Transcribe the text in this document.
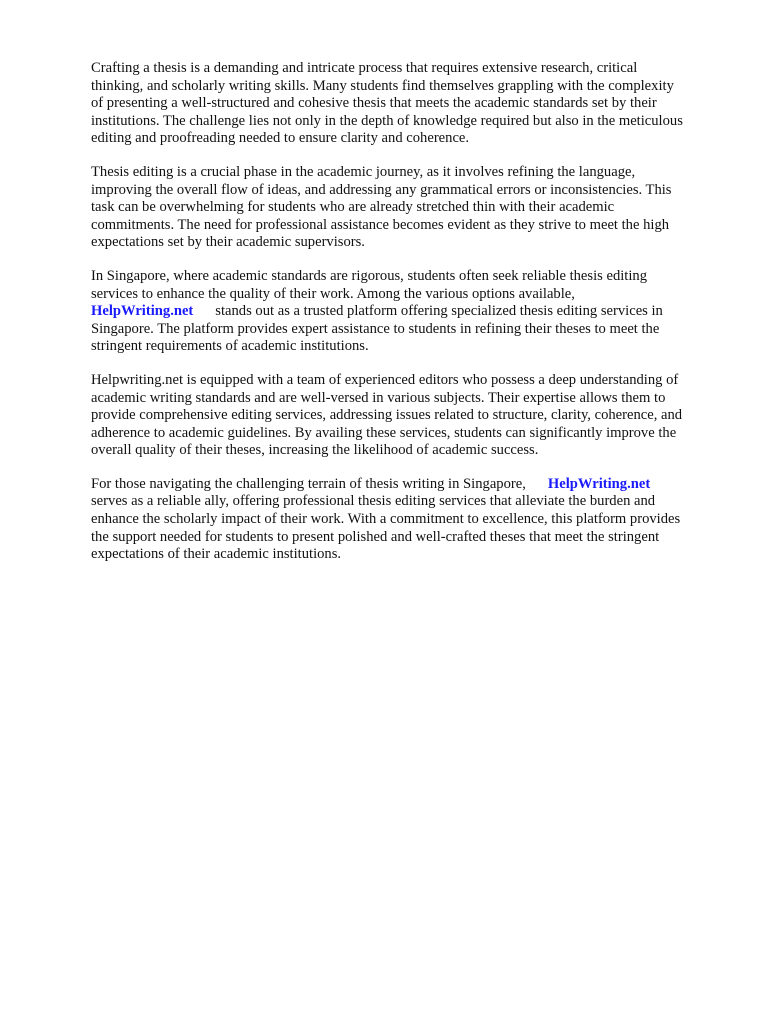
Crafting a thesis is a demanding and intricate process that requires extensive research, critical
thinking, and scholarly writing skills. Many students find themselves grappling with the complexity
of presenting a well-structured and cohesive thesis that meets the academic standards set by their
institutions. The challenge lies not only in the depth of knowledge required but also in the meticulous
editing and proofreading needed to ensure clarity and coherence.

Thesis editing is a crucial phase in the academic journey, as it involves refining the language,
improving the overall flow of ideas, and addressing any grammatical errors or inconsistencies. This
task can be overwhelming for students who are already stretched thin with their academic
commitments. The need for professional assistance becomes evident as they strive to meet the high
expectations set by their academic supervisors.

In Singapore, where academic standards are rigorous, students often seek reliable thesis editing
services to enhance the quality of their work. Among the various options available,
HelpWriting.net stands out as a trusted platform offering specialized thesis editing services in
Singapore. The platform provides expert assistance to students in refining their theses to meet the
stringent requirements of academic institutions.

Helpwriting.net is equipped with a team of experienced editors who possess a deep understanding of
academic writing standards and are well-versed in various subjects. Their expertise allows them to
provide comprehensive editing services, addressing issues related to structure, clarity, coherence, and
adherence to academic guidelines. By availing these services, students can significantly improve the
overall quality of their theses, increasing the likelihood of academic success.

For those navigating the challenging terrain of thesis writing in Singapore, HelpWriting.net
serves as a reliable ally, offering professional thesis editing services that alleviate the burden and
enhance the scholarly impact of their work. With a commitment to excellence, this platform provides
the support needed for students to present polished and well-crafted theses that meet the stringent
expectations of their academic institutions.
